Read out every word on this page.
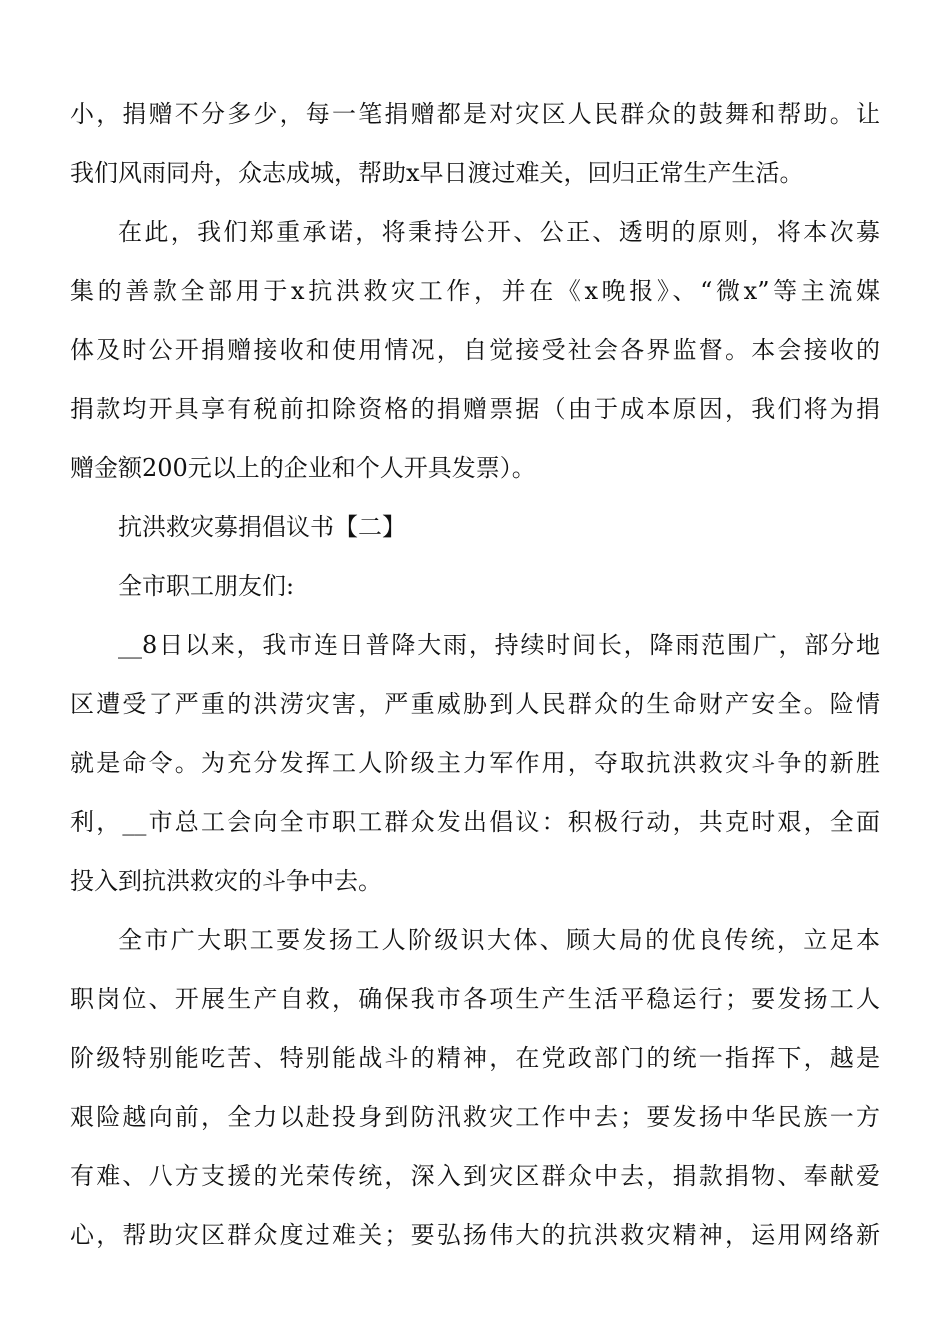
小，捐赠不分多少，每一笔捐赠都是对灾区人民群众的鼓舞和帮助。让
我们风雨同舟，众志成城，帮助x早日渡过难关，回归正常生产生活。
在此，我们郑重承诺，将秉持公开、公正、透明的原则，将本次募
集的善款全部用于x抗洪救灾工作，并在《x晚报》、“微x”等主流媒
体及时公开捐赠接收和使用情况，自觉接受社会各界监督。本会接收的
捐款均开具享有税前扣除资格的捐赠票据（由于成本原因，我们将为捐
赠金额200元以上的企业和个人开具发票）。
抗洪救灾募捐倡议书【二】
全市职工朋友们:
__8日以来，我市连日普降大雨，持续时间长，降雨范围广，部分地
区遭受了严重的洪涝灾害，严重威胁到人民群众的生命财产安全。险情
就是命令。为充分发挥工人阶级主力军作用，夺取抗洪救灾斗争的新胜
利，__市总工会向全市职工群众发出倡议：积极行动，共克时艰，全面
投入到抗洪救灾的斗争中去。
全市广大职工要发扬工人阶级识大体、顾大局的优良传统，立足本
职岗位、开展生产自救，确保我市各项生产生活平稳运行；要发扬工人
阶级特别能吃苦、特别能战斗的精神，在党政部门的统一指挥下，越是
艰险越向前，全力以赴投身到防汛救灾工作中去；要发扬中华民族一方
有难、八方支援的光荣传统，深入到灾区群众中去，捐款捐物、奉献爱
心，帮助灾区群众度过难关；要弘扬伟大的抗洪救灾精神，运用网络新
